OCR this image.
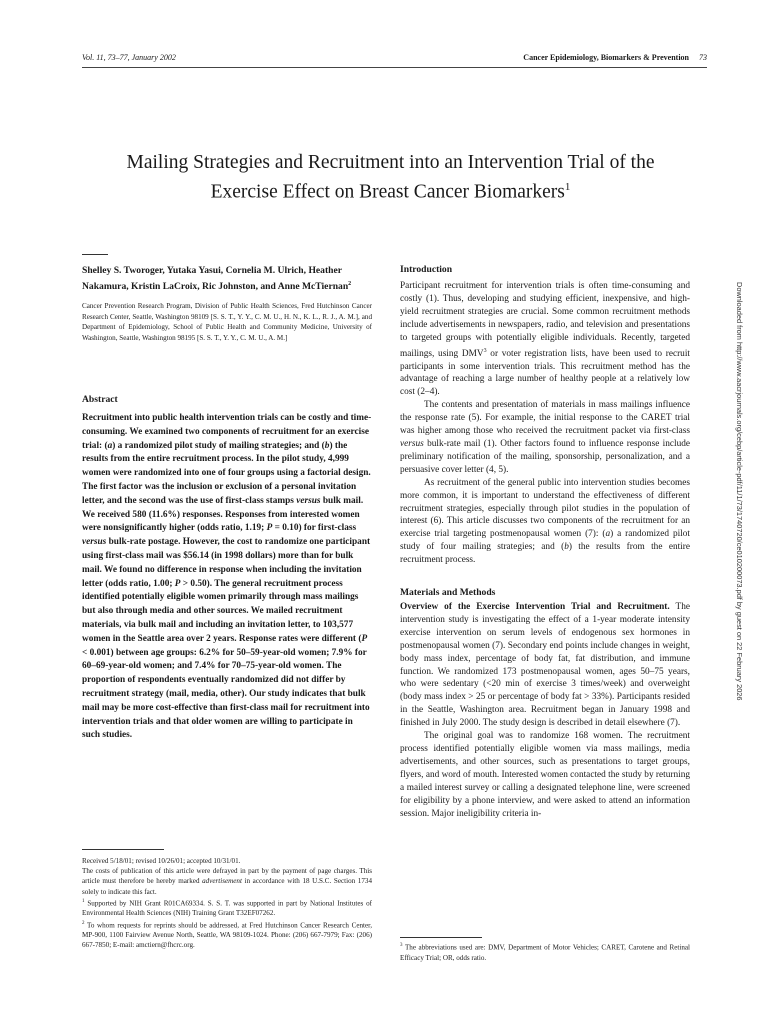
Vol. 11, 73–77, January 2002	Cancer Epidemiology, Biomarkers & Prevention 73
Mailing Strategies and Recruitment into an Intervention Trial of the
Exercise Effect on Breast Cancer Biomarkers$^1$

Shelley S. Tworoger, Yutaka Yasui, Cornelia M. Ulrich, Heather Nakamura, Kristin LaCroix, Ric Johnston, and Anne McTiernan$^2$

Cancer Prevention Research Program, Division of Public Health Sciences, Fred Hutchinson Cancer Research Center, Seattle, Washington 98109 [S. S. T., Y. Y., C. M. U., H. N., K. L., R. J., A. M.], and Department of Epidemiology, School of Public Health and Community Medicine, University of Washington, Seattle, Washington 98195 [S. S. T., Y. Y., C. M. U., A. M.]

Abstract

Recruitment into public health intervention trials can be costly and time-consuming. We examined two components of recruitment for an exercise trial: (a) a randomized pilot study of mailing strategies; and (b) the results from the entire recruitment process. In the pilot study, 4,999 women were randomized into one of four groups using a factorial design. The first factor was the inclusion or exclusion of a personal invitation letter, and the second was the use of first-class stamps versus bulk mail. We received 580 (11.6%) responses. Responses from interested women were nonsignificantly higher (odds ratio, 1.19; P = 0.10) for first-class versus bulk-rate postage. However, the cost to randomize one participant using first-class mail was $56.14 (in 1998 dollars) more than for bulk mail. We found no difference in response when including the invitation letter (odds ratio, 1.00; P > 0.50). The general recruitment process identified potentially eligible women primarily through mass mailings but also through media and other sources. We mailed recruitment materials, via bulk mail and including an invitation letter, to 103,577 women in the Seattle area over 2 years. Response rates were different (P < 0.001) between age groups: 6.2% for 50–59-year-old women; 7.9% for 60–69-year-old women; and 7.4% for 70–75-year-old women. The proportion of respondents eventually randomized did not differ by recruitment strategy (mail, media, other). Our study indicates that bulk mail may be more cost-effective than first-class mail for recruitment into intervention trials and that older women are willing to participate in such studies.
Received 5/18/01; revised 10/26/01; accepted 10/31/01.
The costs of publication of this article were defrayed in part by the payment of page charges. This article must therefore be hereby marked advertisement in accordance with 18 U.S.C. Section 1734 solely to indicate this fact.
$^1$ Supported by NIH Grant R01CA69334. S. S. T. was supported in part by National Institutes of Environmental Health Sciences (NIH) Training Grant T32EF07262.
$^2$ To whom requests for reprints should be addressed, at Fred Hutchinson Cancer Research Center, MP-900, 1100 Fairview Avenue North, Seattle, WA 98109-1024. Phone: (206) 667-7979; Fax: (206) 667-7850; E-mail: amctiern@fhcrc.org.

Introduction

Participant recruitment for intervention trials is often time-consuming and costly (1). Thus, developing and studying efficient, inexpensive, and high-yield recruitment strategies are crucial. Some common recruitment methods include advertisements in newspapers, radio, and television and presentations to targeted groups with potentially eligible individuals. Recently, targeted mailings, using DMV$^3$ or voter registration lists, have been used to recruit participants in some intervention trials. This recruitment method has the advantage of reaching a large number of healthy people at a relatively low cost (2–4).

The contents and presentation of materials in mass mailings influence the response rate (5). For example, the initial response to the CARET trial was higher among those who received the recruitment packet via first-class versus bulk-rate mail (1). Other factors found to influence response include preliminary notification of the mailing, sponsorship, personalization, and a persuasive cover letter (4, 5).

As recruitment of the general public into intervention studies becomes more common, it is important to understand the effectiveness of different recruitment strategies, especially through pilot studies in the population of interest (6). This article discusses two components of the recruitment for an exercise trial targeting postmenopausal women (7): (a) a randomized pilot study of four mailing strategies; and (b) the results from the entire recruitment process.

Materials and Methods

Overview of the Exercise Intervention Trial and Recruitment. The intervention study is investigating the effect of a 1-year moderate intensity exercise intervention on serum levels of endogenous sex hormones in postmenopausal women (7). Secondary end points include changes in weight, body mass index, percentage of body fat, fat distribution, and immune function. We randomized 173 postmenopausal women, ages 50–75 years, who were sedentary (<20 min of exercise 3 times/week) and overweight (body mass index > 25 or percentage of body fat > 33%). Participants resided in the Seattle, Washington area. Recruitment began in January 1998 and finished in July 2000. The study design is described in detail elsewhere (7).

The original goal was to randomize 168 women. The recruitment process identified potentially eligible women via mass mailings, media advertisements, and other sources, such as presentations to target groups, flyers, and word of mouth. Interested women contacted the study by returning a mailed interest survey or calling a designated telephone line, were screened for eligibility by a phone interview, and were asked to attend an information session. Major ineligibility criteria in-

$^3$ The abbreviations used are: DMV, Department of Motor Vehicles; CARET, Carotene and Retinal Efficacy Trial; OR, odds ratio.
Downloaded from http://www.aacrjournals.org/cebp/article-pdf/11/1/73/1740720/ce010200073.pdf by guest on 22 February 2026
